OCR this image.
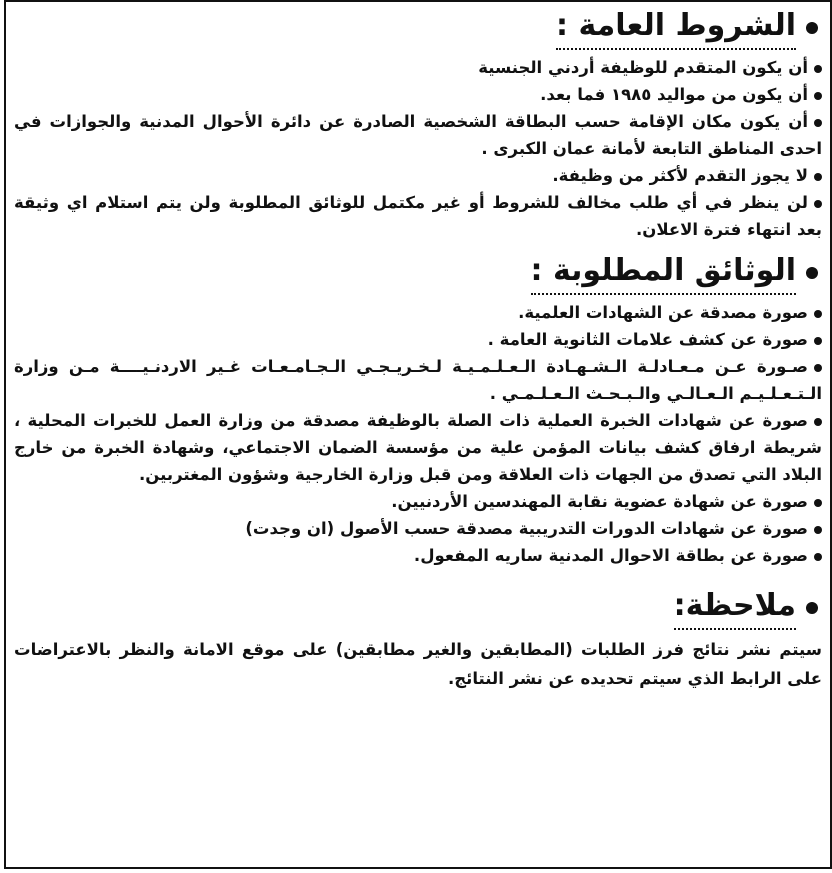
الشروط العامة :
أن يكون المتقدم للوظيفة أردني الجنسية
أن يكون من مواليد ١٩٨٥ فما بعد.
أن يكون مكان الإقامة حسب البطاقة الشخصية الصادرة عن دائرة الأحوال المدنية والجوازات في احدى المناطق التابعة لأمانة عمان الكبرى .
لا يجوز التقدم لأكثر من وظيفة.
لن ينظر في أي طلب مخالف للشروط أو غير مكتمل للوثائق المطلوبة ولن يتم استلام اي وثيقة بعد انتهاء فترة الاعلان.
الوثائق المطلوبة :
صورة مصدقة عن الشهادات العلمية.
صورة عن كشف علامات الثانوية العامة .
صـورة عـن مـعـادلـة الـشـهـادة الـعـلـمـيـة لـخـريـجـي الـجـامـعـات غـير الاردنـيــــة مـن وزارة الـتـعـلـيـم الـعـالـي والـبـحـث الـعـلـمـي .
صورة عن شهادات الخبرة العملية ذات الصلة بالوظيفة مصدقة من وزارة العمل للخبرات المحلية ، شريطة ارفاق كشف بيانات المؤمن علية من مؤسسة الضمان الاجتماعي، وشهادة الخبرة من خارج البلاد التي تصدق من الجهات ذات العلاقة ومن قبل وزارة الخارجية وشؤون المغتربين.
صورة عن شهادة عضوية نقابة المهندسين الأردنيين.
صورة عن شهادات الدورات التدريبية مصدقة حسب الأصول (ان وجدت)
صورة عن بطاقة الاحوال المدنية ساريه المفعول.
ملاحظة:

سيتم نشر نتائج فرز الطلبات (المطابقين والغير مطابقين) على موقع الامانة والنظر بالاعتراضات على الرابط الذي سيتم تحديده عن نشر النتائج.
